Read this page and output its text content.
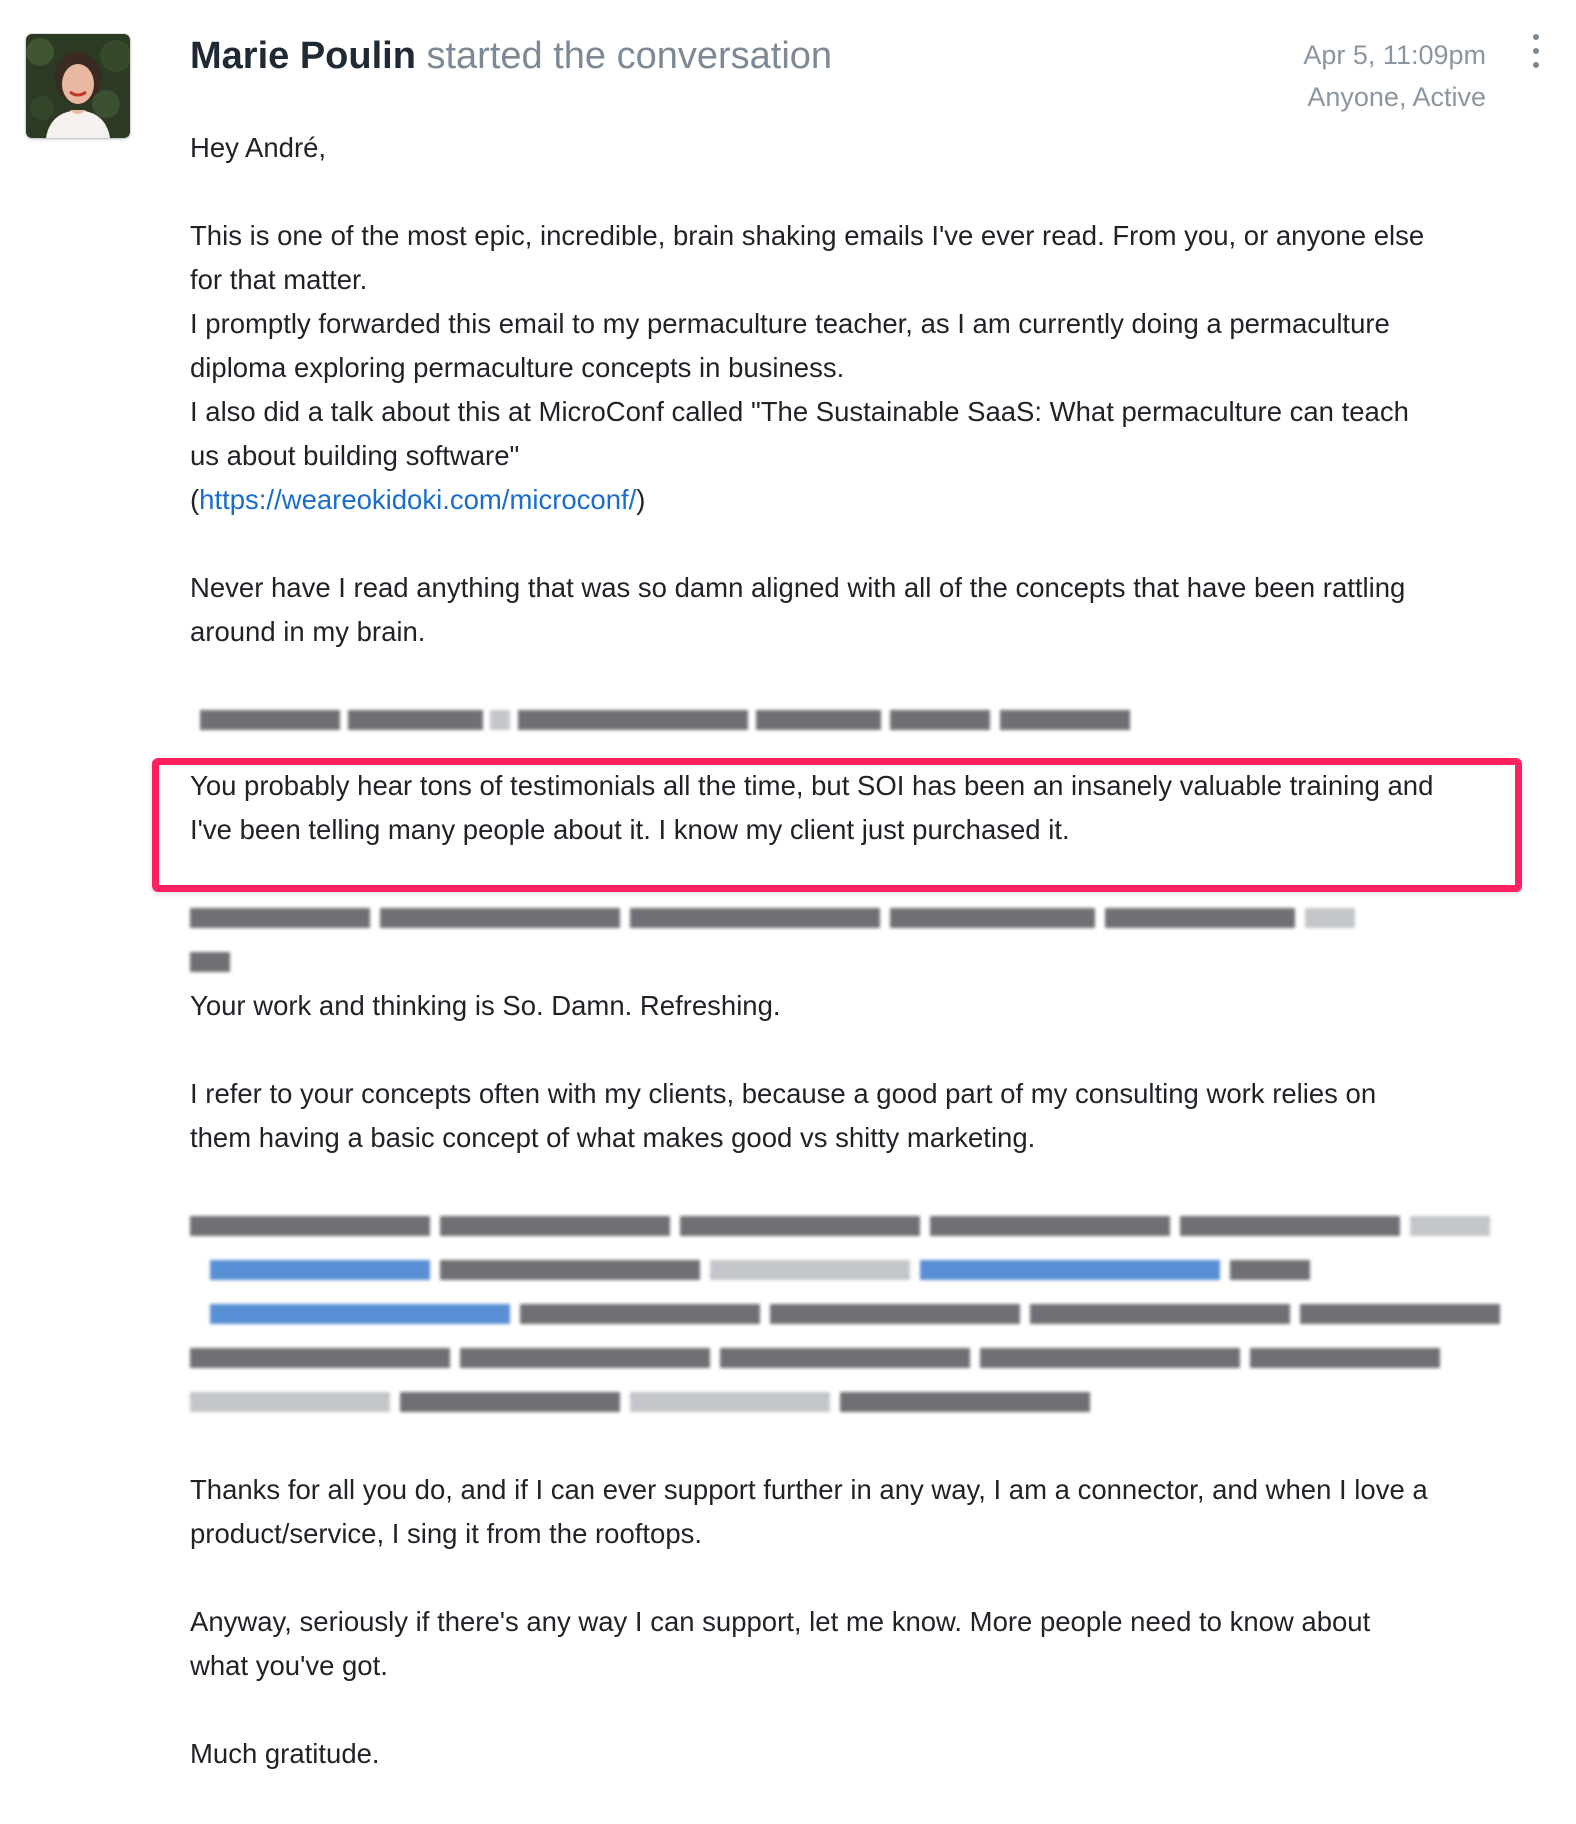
Marie Poulin started the conversation	Apr 5, 11:09pm
Anyone, Active
Hey André,
This is one of the most epic, incredible, brain shaking emails I've ever read. From you, or anyone else
for that matter.
I promptly forwarded this email to my permaculture teacher, as I am currently doing a permaculture
diploma exploring permaculture concepts in business.
I also did a talk about this at MicroConf called "The Sustainable SaaS: What permaculture can teach
us about building software"
(https://weareokidoki.com/microconf/)
Never have I read anything that was so damn aligned with all of the concepts that have been rattling
around in my brain.
You probably hear tons of testimonials all the time, but SOI has been an insanely valuable training and
I've been telling many people about it. I know my client just purchased it.
Your work and thinking is So. Damn. Refreshing.
I refer to your concepts often with my clients, because a good part of my consulting work relies on
them having a basic concept of what makes good vs shitty marketing.
Thanks for all you do, and if I can ever support further in any way, I am a connector, and when I love a
product/service, I sing it from the rooftops.
Anyway, seriously if there's any way I can support, let me know. More people need to know about
what you've got.
Much gratitude.
